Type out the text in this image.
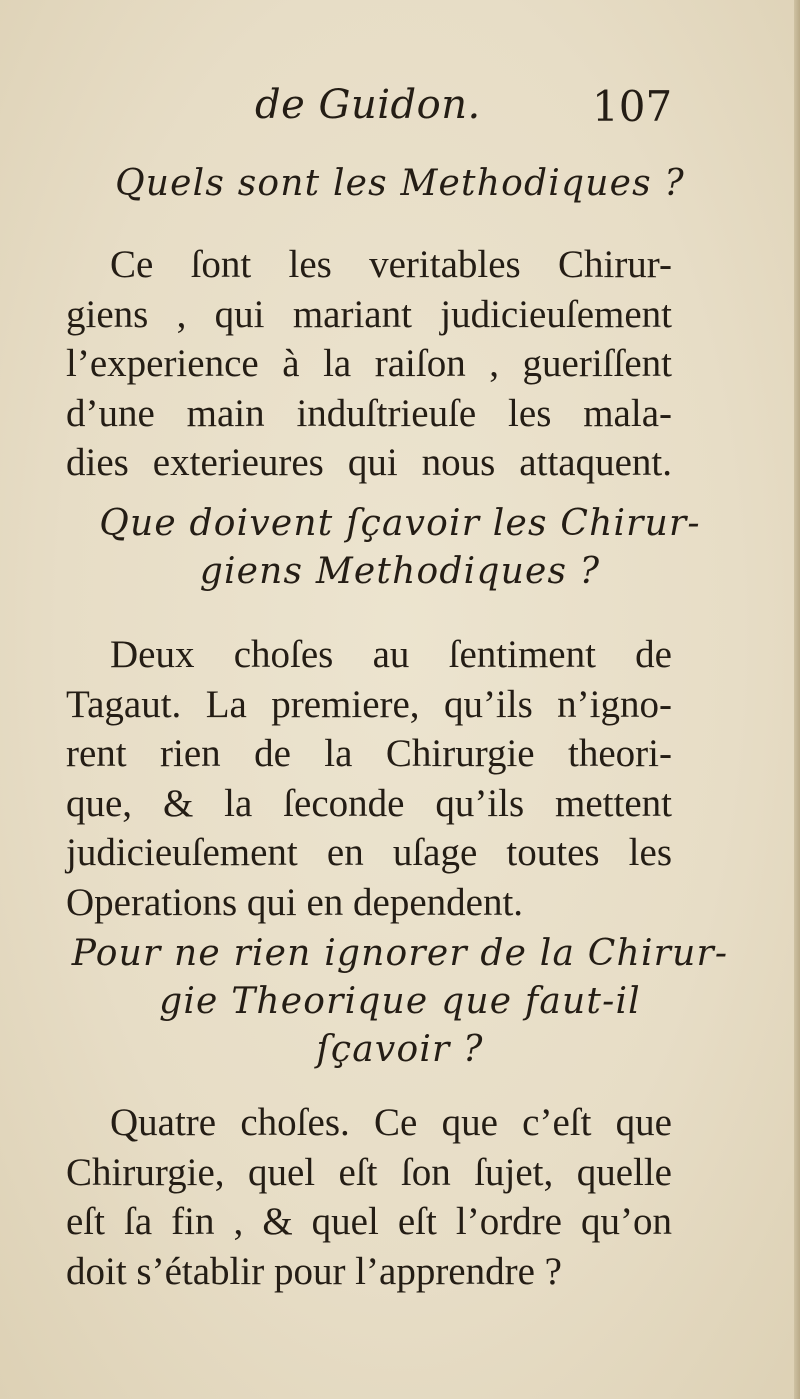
de Guidon.	107
Quels sont les Methodiques ?
Ce ſont les veritables Chirur-
giens , qui mariant judicieuſement
l’experience à la raiſon , gueriſſent
d’une main induſtrieuſe les mala-
dies exterieures qui nous attaquent.
Que doivent ſçavoir les Chirur-
giens Methodiques ?
Deux choſes au ſentiment de
Tagaut. La premiere, qu’ils n’igno-
rent rien de la Chirurgie theori-
que, & la ſeconde qu’ils mettent
judicieuſement en uſage toutes les
Operations qui en dependent.
Pour ne rien ignorer de la Chirur-
gie Theorique que faut-il
ſçavoir ?
Quatre choſes. Ce que c’eſt que
Chirurgie, quel eſt ſon ſujet, quelle
eſt ſa fin , & quel eſt l’ordre qu’on
doit s’établir pour l’apprendre ?
